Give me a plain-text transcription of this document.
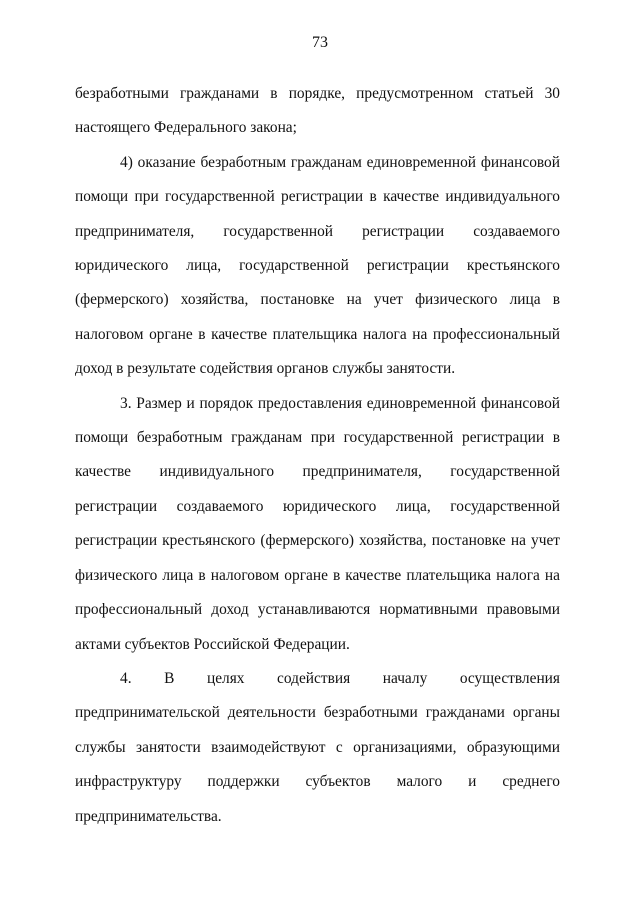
73

безработными гражданами в порядке, предусмотренном статьей 30 настоящего Федерального закона;

4) оказание безработным гражданам единовременной финансовой помощи при государственной регистрации в качестве индивидуального предпринимателя, государственной регистрации создаваемого юридического лица, государственной регистрации крестьянского (фермерского) хозяйства, постановке на учет физического лица в налоговом органе в качестве плательщика налога на профессиональный доход в результате содействия органов службы занятости.

3. Размер и порядок предоставления единовременной финансовой помощи безработным гражданам при государственной регистрации в качестве индивидуального предпринимателя, государственной регистрации создаваемого юридического лица, государственной регистрации крестьянского (фермерского) хозяйства, постановке на учет физического лица в налоговом органе в качестве плательщика налога на профессиональный доход устанавливаются нормативными правовыми актами субъектов Российской Федерации.

4. В целях содействия началу осуществления предпринимательской деятельности безработными гражданами органы службы занятости взаимодействуют с организациями, образующими инфраструктуру поддержки субъектов малого и среднего предпринимательства.
